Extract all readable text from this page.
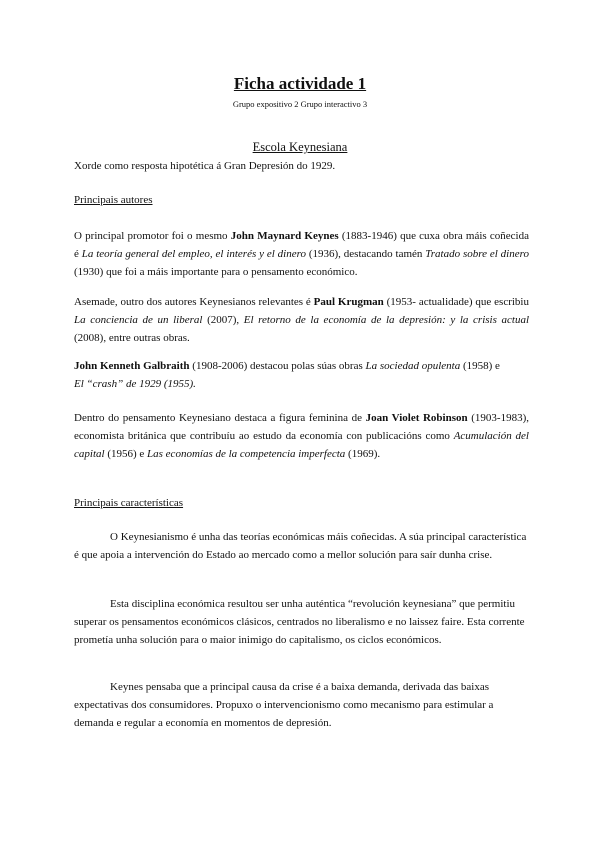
Ficha actividade 1
Grupo expositivo 2 Grupo interactivo 3
Escola Keynesiana
Xorde como resposta hipotética á Gran Depresión do 1929.
Principais autores

O principal promotor foi o mesmo John Maynard Keynes (1883-1946) que cuxa obra máis coñecida é La teoría general del empleo, el interés y el dinero (1936), destacando tamén Tratado sobre el dinero (1930) que foi a máis importante para o pensamento económico.

Asemade, outro dos autores Keynesianos relevantes é Paul Krugman (1953- actualidade) que escribiu La conciencia de un liberal (2007), El retorno de la economía de la depresión: y la crisis actual (2008), entre outras obras.

John Kenneth Galbraith (1908-2006) destacou polas súas obras La sociedad opulenta (1958) e El “crash” de 1929 (1955).

Dentro do pensamento Keynesiano destaca a figura feminina de Joan Violet Robinson (1903-1983), economista británica que contribuíu ao estudo da economía con publicacións como Acumulación del capital (1956) e Las economías de la competencia imperfecta (1969).

Principais características

O Keynesianismo é unha das teorías económicas máis coñecidas. A súa principal característica é que apoia a intervención do Estado ao mercado como a mellor solución para saír dunha crise.

Esta disciplina económica resultou ser unha auténtica “revolución keynesiana” que permitiu superar os pensamentos económicos clásicos, centrados no liberalismo e no laissez faire. Esta corrente prometía unha solución para o maior inimigo do capitalismo, os ciclos económicos.

Keynes pensaba que a principal causa da crise é a baixa demanda, derivada das baixas expectativas dos consumidores. Propuxo o intervencionismo como mecanismo para estimular a demanda e regular a economía en momentos de depresión.
